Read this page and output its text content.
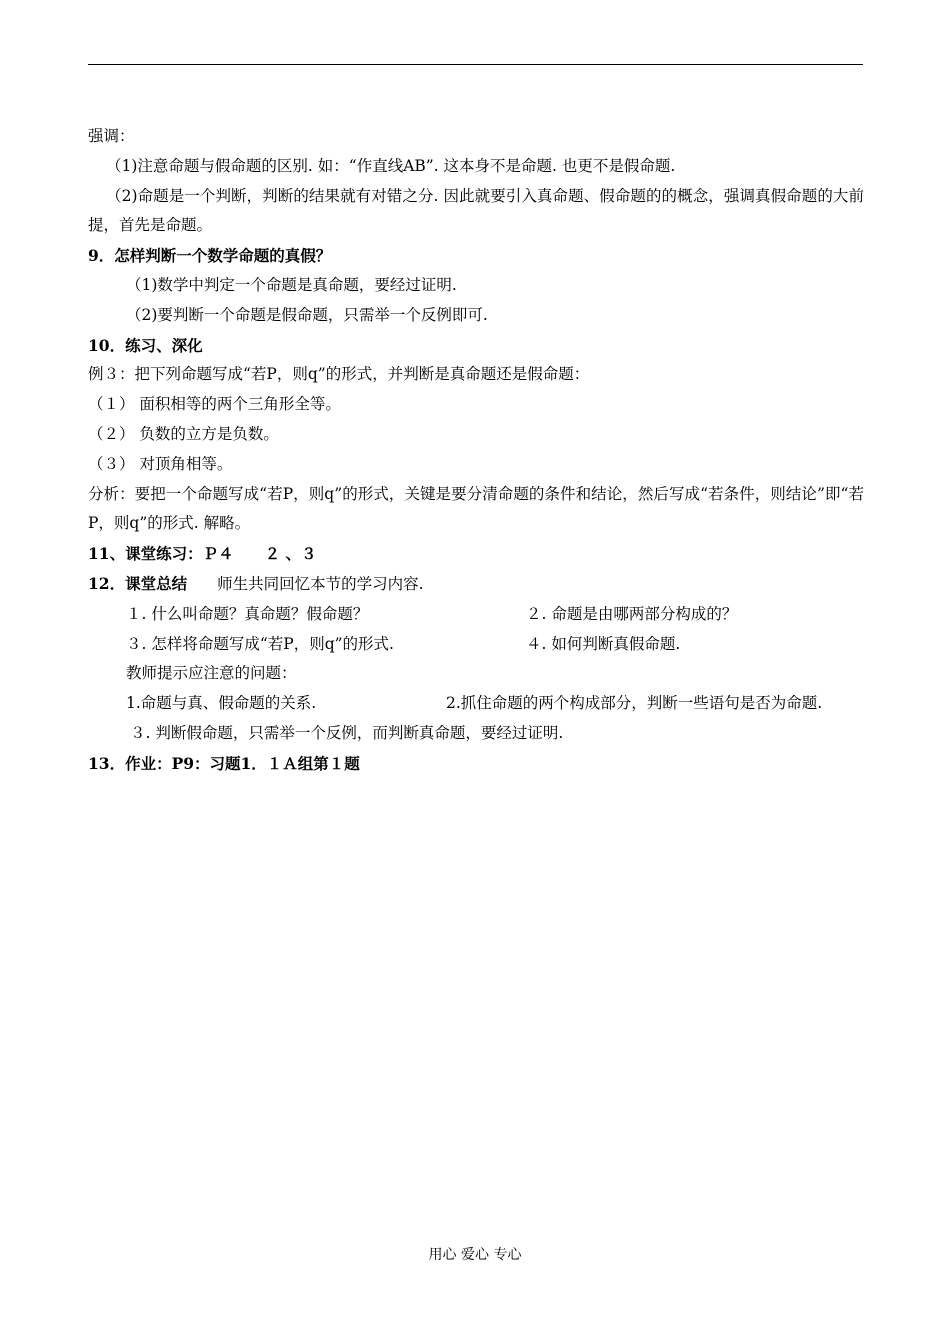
强调：

（1)注意命题与假命题的区别. 如：“作直线AB”. 这本身不是命题. 也更不是假命题.

（2)命题是一个判断，判断的结果就有对错之分. 因此就要引入真命题、假命题的的概念，强调真假命题的大前提，首先是命题。

9．怎样判断一个数学命题的真假？

（1)数学中判定一个命题是真命题，要经过证明.

（2)要判断一个命题是假命题，只需举一个反例即可.

10．练习、深化

例３：把下列命题写成“若P，则q”的形式，并判断是真命题还是假命题：

（１） 面积相等的两个三角形全等。

（２） 负数的立方是负数。

（３） 对顶角相等。

分析：要把一个命题写成“若P，则q”的形式，关键是要分清命题的条件和结论，然后写成“若条件，则结论”即“若P，则q”的形式. 解略。

11、课堂练习：Ｐ４　　２ 、３

12．课堂总结 师生共同回忆本节的学习内容.

１. 什么叫命题？真命题？假命题？	２. 命题是由哪两部分构成的？

３. 怎样将命题写成“若P，则q”的形式.	４. 如何判断真假命题.

教师提示应注意的问题：

1.命题与真、假命题的关系.	2.抓住命题的两个构成部分，判断一些语句是否为命题.

３. 判断假命题，只需举一个反例，而判断真命题，要经过证明.

13．作业：P9：习题1．１Ａ组第１题

用心 爱心 专心
